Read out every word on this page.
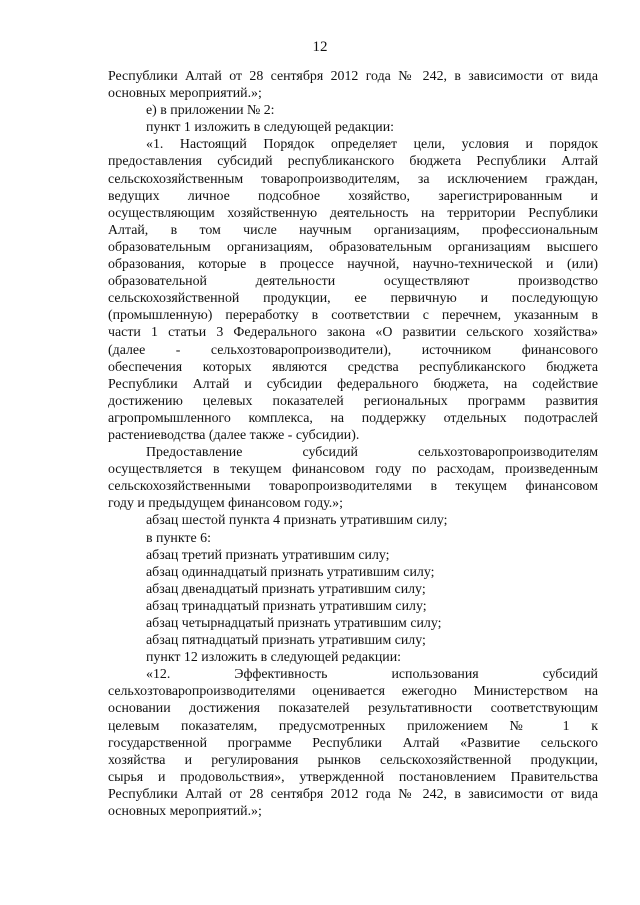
12
Республики Алтай от 28 сентября 2012 года № 242, в зависимости от вида
основных мероприятий.»;
е) в приложении № 2:
пункт 1 изложить в следующей редакции:
«1. Настоящий Порядок определяет цели, условия и порядок
предоставления субсидий республиканского бюджета Республики Алтай
сельскохозяйственным товаропроизводителям, за исключением граждан,
ведущих личное подсобное хозяйство, зарегистрированным и
осуществляющим хозяйственную деятельность на территории Республики
Алтай, в том числе научным организациям, профессиональным
образовательным организациям, образовательным организациям высшего
образования, которые в процессе научной, научно-технической и (или)
образовательной деятельности осуществляют производство
сельскохозяйственной продукции, ее первичную и последующую
(промышленную) переработку в соответствии с перечнем, указанным в
части 1 статьи 3 Федерального закона «О развитии сельского хозяйства»
(далее - сельхозтоваропроизводители), источником финансового
обеспечения которых являются средства республиканского бюджета
Республики Алтай и субсидии федерального бюджета, на содействие
достижению целевых показателей региональных программ развития
агропромышленного комплекса, на поддержку отдельных подотраслей
растениеводства (далее также - субсидии).
Предоставление субсидий сельхозтоваропроизводителям
осуществляется в текущем финансовом году по расходам, произведенным
сельскохозяйственными товаропроизводителями в текущем финансовом
году и предыдущем финансовом году.»;
абзац шестой пункта 4 признать утратившим силу;
в пункте 6:
абзац третий признать утратившим силу;
абзац одиннадцатый признать утратившим силу;
абзац двенадцатый признать утратившим силу;
абзац тринадцатый признать утратившим силу;
абзац четырнадцатый признать утратившим силу;
абзац пятнадцатый признать утратившим силу;
пункт 12 изложить в следующей редакции:
«12. Эффективность использования субсидий
сельхозтоваропроизводителями оценивается ежегодно Министерством на
основании достижения показателей результативности соответствующим
целевым показателям, предусмотренных приложением № 1 к
государственной программе Республики Алтай «Развитие сельского
хозяйства и регулирования рынков сельскохозяйственной продукции,
сырья и продовольствия», утвержденной постановлением Правительства
Республики Алтай от 28 сентября 2012 года № 242, в зависимости от вида
основных мероприятий.»;
